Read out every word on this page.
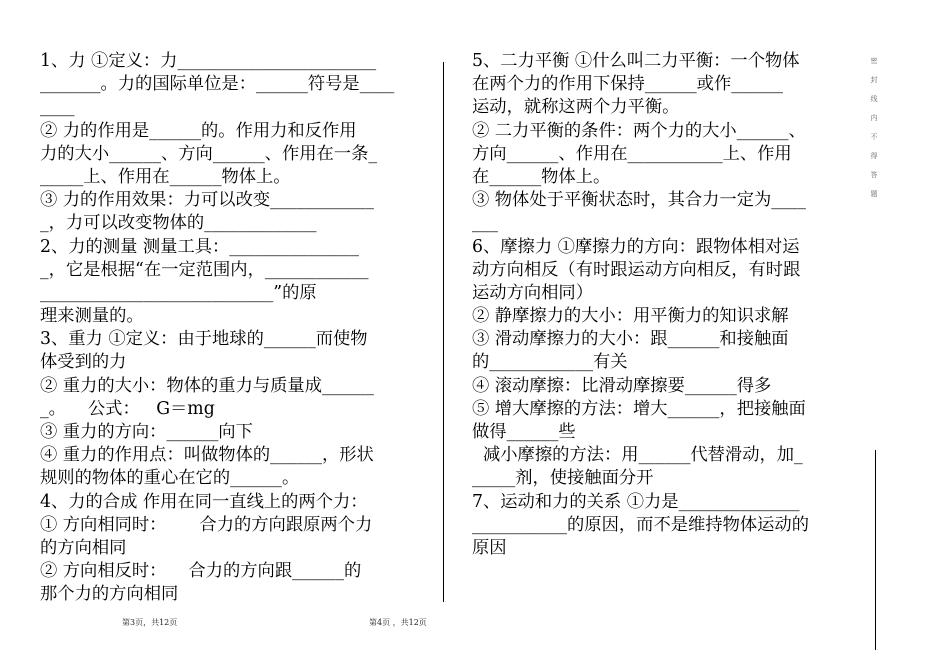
1、力 ①定义：力_______________________
_______。力的国际单位是：______符号是____
____
② 力的作用是______的。作用力和反作用
力的大小______、方向______、作用在一条_
_____上、作用在______物体上。
③ 力的作用效果：力可以改变____________
_，力可以改变物体的_____________
2、力的测量 测量工具：_______________
_，它是根据“在一定范围内，____________
___________________________”的原
理来测量的。
3、重力 ①定义：由于地球的______而使物
体受到的力
② 重力的大小：物体的重力与质量成______
_。    公式：   G＝mg
③ 重力的方向：______向下
④ 重力的作用点：叫做物体的______，形状
规则的物体的重心在它的______。
4、力的合成 作用在同一直线上的两个力：
① 方向相同时：      合力的方向跟原两个力
的方向相同
② 方向相反时：    合力的方向跟______的
那个力的方向相同
5、二力平衡 ①什么叫二力平衡：一个物体
在两个力的作用下保持______或作______
运动，就称这两个力平衡。
② 二力平衡的条件：两个力的大小______、
方向______、作用在___________上、作用
在______物体上。
③ 物体处于平衡状态时，其合力一定为____
___
6、摩擦力 ①摩擦力的方向：跟物体相对运
动方向相反（有时跟运动方向相反，有时跟
运动方向相同）
② 静摩擦力的大小：用平衡力的知识求解
③ 滑动摩擦力的大小：跟______和接触面
的____________有关
④ 滚动摩擦：比滑动摩擦要______得多
⑤ 增大摩擦的方法：增大______，把接触面
做得______些
减小摩擦的方法：用______代替滑动，加_
_____剂，使接触面分开
7、运动和力的关系 ①力是______________
___________的原因，而不是维持物体运动的
原因
密
封
线
内
不
得
答
题
第3页，共12页	第4页 ，共12页
